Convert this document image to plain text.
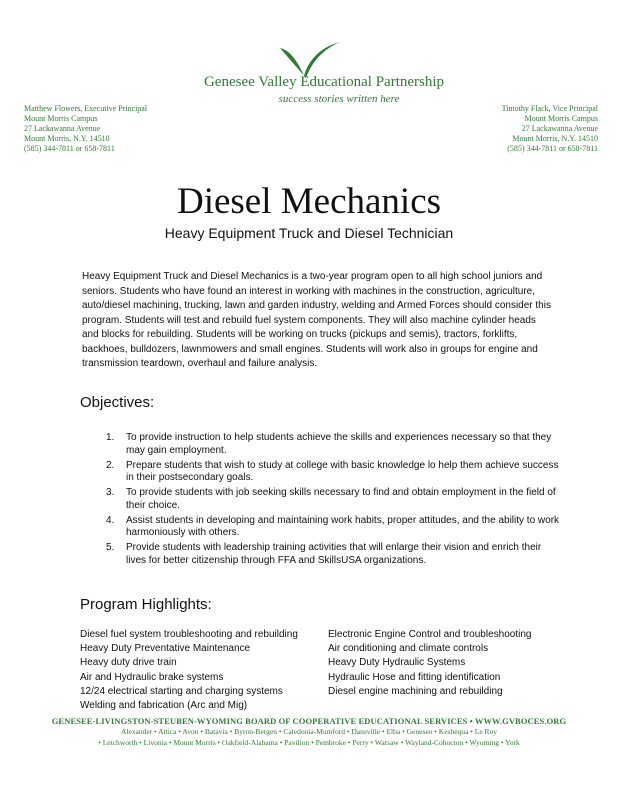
Genesee Valley Educational Partnership
success stories written here
Matthew Flowers, Executive Principal
Mount Morris Campus
27 Lackawanna Avenue
Mount Morris, N.Y. 14510
(585) 344-7811 or 658-7811
Timothy Flack, Vice Principal
Mount Morris Campus
27 Lackawanna Avenue
Mount Morris, N.Y. 14510
(585) 344-7811 or 658-7811
Diesel Mechanics
Heavy Equipment Truck and Diesel Technician
Heavy Equipment Truck and Diesel Mechanics is a two-year program open to all high school juniors and seniors. Students who have found an interest in working with machines in the construction, agriculture, auto/diesel machining, trucking, lawn and garden industry, welding and Armed Forces should consider this program. Students will test and rebuild fuel system components. They will also machine cylinder heads and blocks for rebuilding. Students will be working on trucks (pickups and semis), tractors, forklifts, backhoes, bulldozers, lawnmowers and small engines. Students will work also in groups for engine and transmission teardown, overhaul and failure analysis.
Objectives:
1. To provide instruction to help students achieve the skills and experiences necessary so that they may gain employment.
2. Prepare students that wish to study at college with basic knowledge lo help them achieve success in their postsecondary goals.
3. To provide students with job seeking skills necessary to find and obtain employment in the field of their choice.
4. Assist students in developing and maintaining work habits, proper attitudes, and the ability to work harmoniously with others.
5. Provide students with leadership training activities that will enlarge their vision and enrich their lives for better citizenship through FFA and SkillsUSA organizations.
Program Highlights:
Diesel fuel system troubleshooting and rebuilding
Heavy Duty Preventative Maintenance
Heavy duty drive train
Air and Hydraulic brake systems
12/24 electrical starting and charging systems
Welding and fabrication (Arc and Mig)
Electronic Engine Control and troubleshooting
Air conditioning and climate controls
Heavy Duty Hydraulic Systems
Hydraulic Hose and fitting identification
Diesel engine machining and rebuilding
GENESEE-LIVINGSTON-STEUBEN-WYOMING BOARD OF COOPERATIVE EDUCATIONAL SERVICES • WWW.GVBOCES.ORG
Alexander • Attica • Avon • Batavia • Byron-Bergen • Caledonia-Mumford • Dansville • Elba • Geneseo • Keshequa • Le Roy
• Letchworth • Livonia • Mount Morris • Oakfield-Alabama • Pavilion • Pembroke • Perry • Warsaw • Wayland-Cohocton • Wyoming • York
